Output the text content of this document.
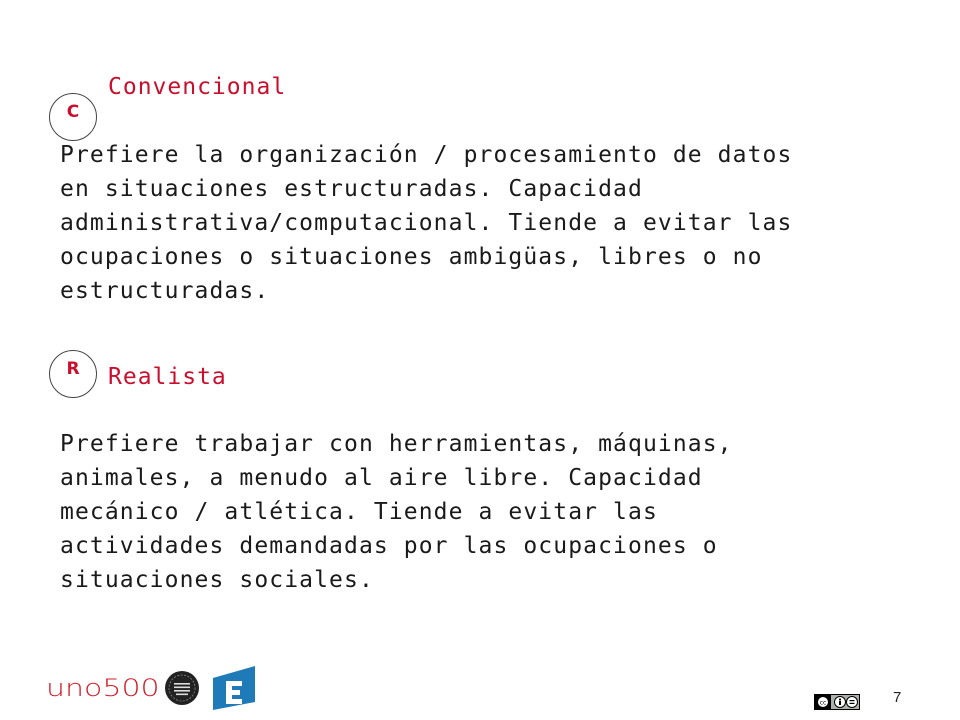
Convencional
C
Prefiere la organización / procesamiento de datos
en situaciones estructuradas. Capacidad
administrativa/computacional. Tiende a evitar las
ocupaciones o situaciones ambigüas, libres o no
estructuradas.
Realista
R
Prefiere trabajar con herramientas, máquinas,
animales, a menudo al aire libre. Capacidad
mecánico / atlética. Tiende a evitar las
actividades demandadas por las ocupaciones o
situaciones sociales.
uno500
cc	7
